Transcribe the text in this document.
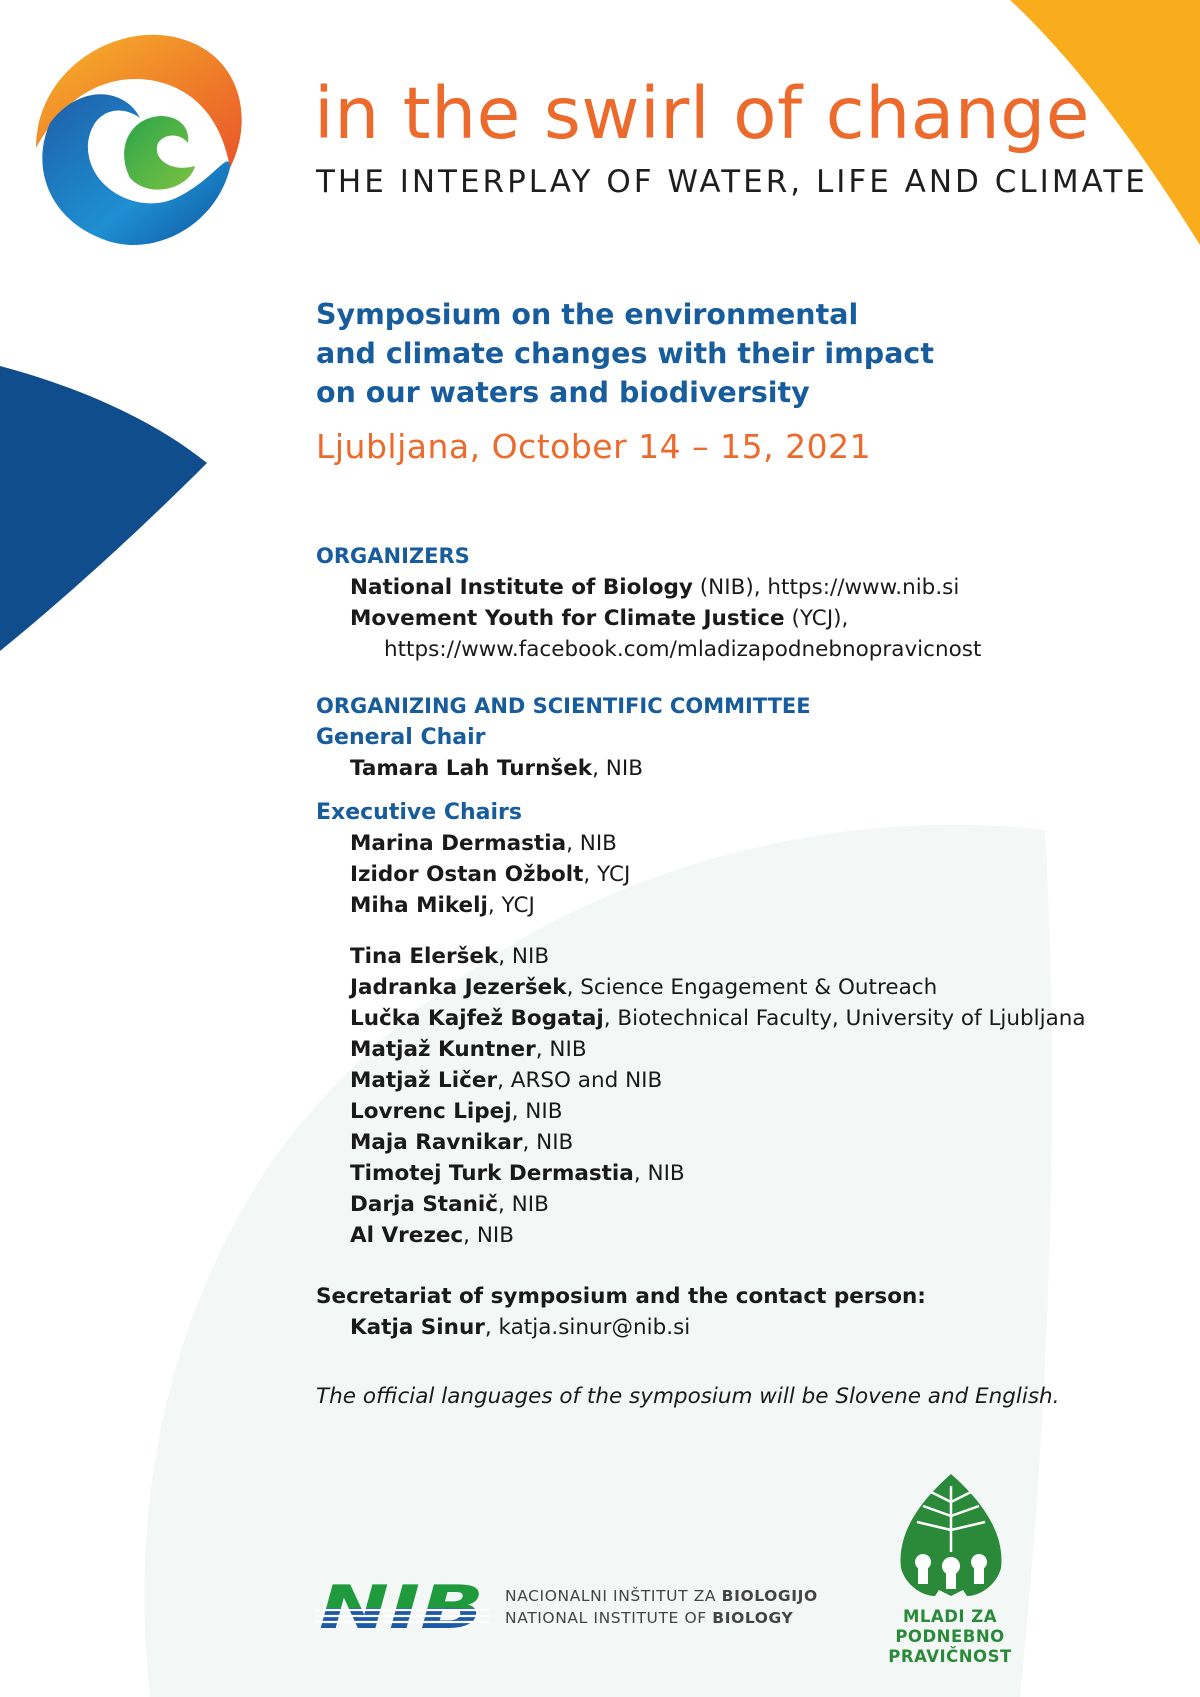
in the swirl of change
THE INTERPLAY OF WATER, LIFE AND CLIMATE
Symposium on the environmental
and climate changes with their impact
on our waters and biodiversity
Ljubljana, October 14 – 15, 2021
ORGANIZERS
National Institute of Biology (NIB), https://www.nib.si
Movement Youth for Climate Justice (YCJ),
https://www.facebook.com/mladizapodnebnopravicnost
ORGANIZING AND SCIENTIFIC COMMITTEE
General Chair
Tamara Lah Turnšek, NIB
Executive Chairs
Marina Dermastia, NIB
Izidor Ostan Ožbolt, YCJ
Miha Mikelj, YCJ
Tina Eleršek, NIB
Jadranka Jezeršek, Science Engagement & Outreach
Lučka Kajfež Bogataj, Biotechnical Faculty, University of Ljubljana
Matjaž Kuntner, NIB
Matjaž Ličer, ARSO and NIB
Lovrenc Lipej, NIB
Maja Ravnikar, NIB
Timotej Turk Dermastia, NIB
Darja Stanič, NIB
Al Vrezec, NIB
Secretariat of symposium and the contact person:
Katja Sinur, katja.sinur@nib.si
The official languages of the symposium will be Slovene and English.
NIB NACIONALNI INŠTITUT ZA BIOLOGIJO
NATIONAL INSTITUTE OF BIOLOGY	MLADI ZA
PODNEBNO
PRAVIČNOST
